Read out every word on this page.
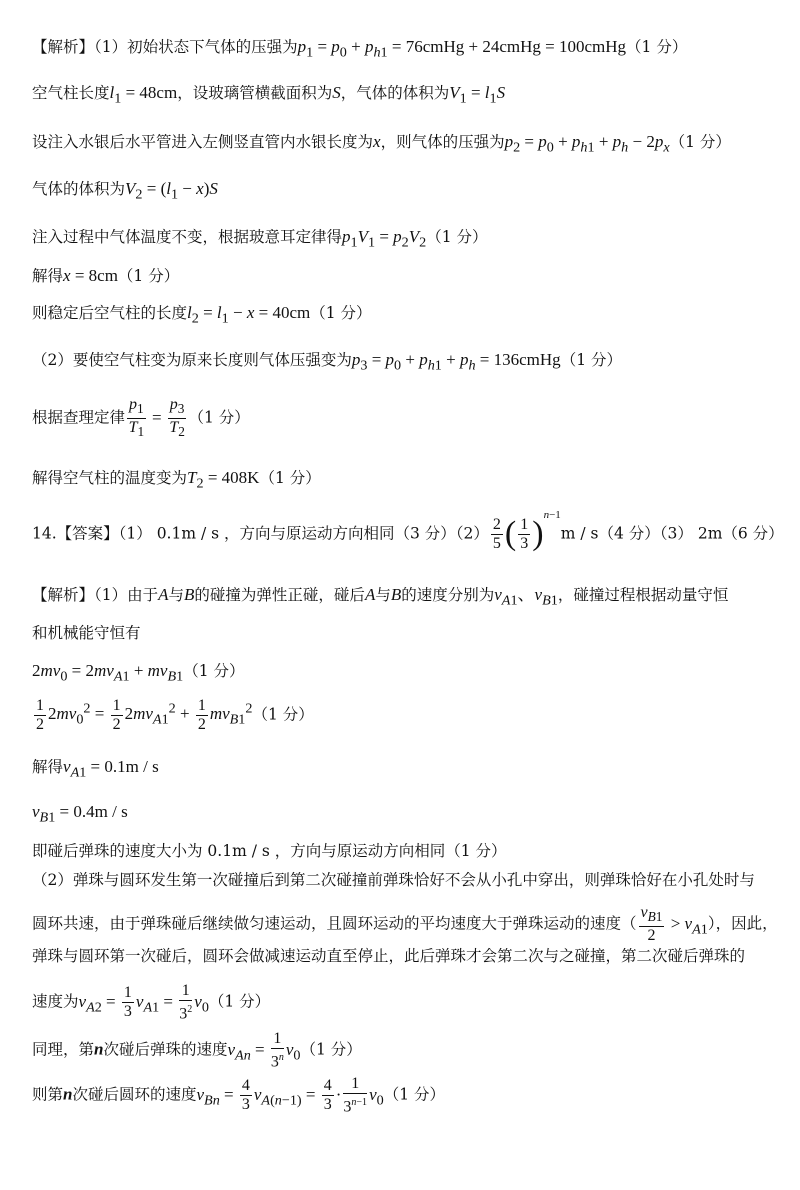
【解析】（1）初始状态下气体的压强为$p_1 = p_0 + p_{h1}$ = 76cmHg + 24cmHg = 100cmHg（1 分）
空气柱长度$l_1 = 48cm$，设玻璃管横截面积为S，气体的体积为$V_1 = l_1S$
设注入水银后水平管进入左侧竖直管内水银长度为x，则气体的压强为$p_2 = p_0 + p_{h1} + p_h - 2p_x(1$ 分）
气体的体积为$V_2 = (l_1 - x)S$
注入过程中气体温度不变，根据玻意耳定律得$p_1V_1 = p_2V_2(1$ 分）
解得x = 8cm（1 分）
则稳定后空气柱的长度$l_2 = l_1 - x = 40cm(1$ 分）
（2）要使空气柱变为原来长度则气体压强变为$p_3 = p_0 + p_{h1} + p_h$ = 136cmHg（1 分）
根据查理定律 $\frac{p_1}{T_1} = \frac{p_3}{T_2} (1$ 分）
解得空气柱的温度变为$T_2 = 408K(1$ 分）
14.【答案】（1） 0.1m / s ，方向与原运动方向相同（3 分）$(2) \frac{2}{5}$ ( $\frac{1}{3} )^{n-1}m / s(4$ 分）（3） 2m（6 分）
【解析】（1）由于A与B的碰撞为弹性正碰，碰后A与B的速度分别为$v_{A1}$、$v_{B1}$，碰撞过程根据动量守恒
和机械能守恒有
$2mv_0 = 2mv_{A1} + mv_{B1}(1$ 分）
$\frac{1}{2} 2mv_0^2 = \frac{1}{2} 2mv_{A1}^2 + \frac{1}{2} mv_{B1}^2(1$ 分）
解得$v_{A1} = 0.1m / s$
$v_{B1} = 0.4m / s$
即碰后弹珠的速度大小为 0.1m / s ，方向与原运动方向相同（1 分）
（2）弹珠与圆环发生第一次碰撞后到第二次碰撞前弹珠恰好不会从小孔中穿出，则弹珠恰好在小孔处时与
圆环共速，由于弹珠碰后继续做匀速运动，且圆环运动的平均速度大于弹珠运动的速度（ $\frac{v_{B1}}{2} > v_{A1}$），因此，
弹珠与圆环第一次碰后，圆环会做减速运动直至停止，此后弹珠才会第二次与之碰撞，第二次碰后弹珠的
速度为$v_{A2} = \frac{1}{3} v_{A1} = \frac{1}{3^2} v_0(1$ 分）
同理，第n次碰后弹珠的速度$v_{An} = \frac{1}{3^n} v_0(1$ 分）
则第n次碰后圆环的速度$v_{Bn} = \frac{4}{3} v_{A(n-1)} = \frac{4}{3} \cdot \frac{1}{3^{n-1}} v_0(1$ 分）
